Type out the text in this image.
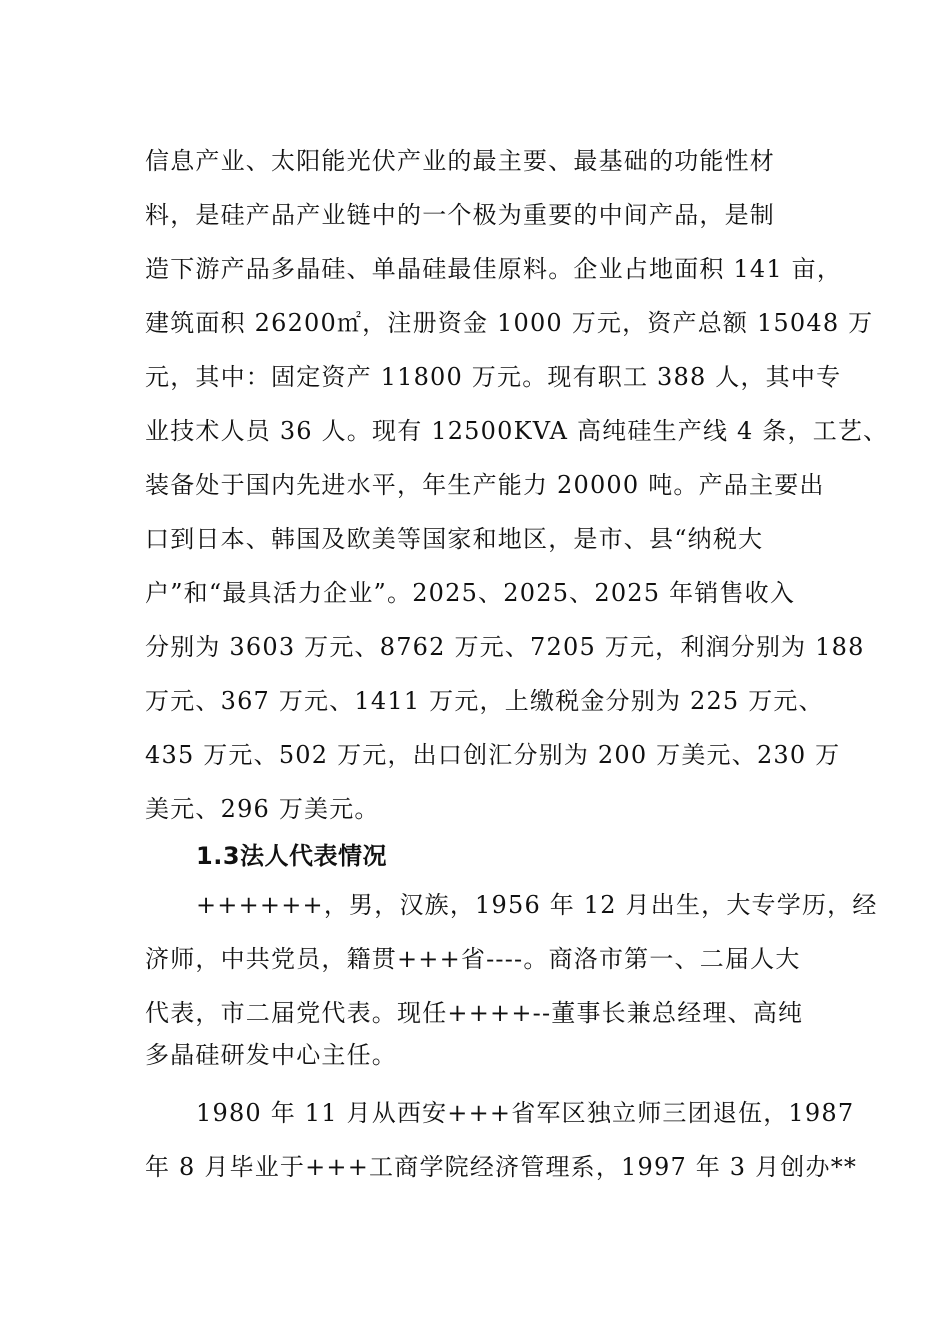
信息产业、太阳能光伏产业的最主要、最基础的功能性材
料，是硅产品产业链中的一个极为重要的中间产品，是制
造下游产品多晶硅、单晶硅最佳原料。企业占地面积 141 亩，
建筑面积 26200㎡，注册资金 1000 万元，资产总额 15048 万
元，其中：固定资产 11800 万元。现有职工 388 人，其中专
业技术人员 36 人。现有 12500KVA 高纯硅生产线 4 条，工艺、
装备处于国内先进水平，年生产能力 20000 吨。产品主要出
口到日本、韩国及欧美等国家和地区，是市、县“纳税大
户”和“最具活力企业”。2025、2025、2025 年销售收入
分别为 3603 万元、8762 万元、7205 万元，利润分别为 188
万元、367 万元、1411 万元，上缴税金分别为 225 万元、
435 万元、502 万元，出口创汇分别为 200 万美元、230 万
美元、296 万美元。
1.3法人代表情况
++++++，男，汉族，1956 年 12 月出生，大专学历，经
济师，中共党员，籍贯+++省----。商洛市第一、二届人大
代表，市二届党代表。现任++++--董事长兼总经理、高纯
多晶硅研发中心主任。
1980 年 11 月从西安+++省军区独立师三团退伍，1987
年 8 月毕业于+++工商学院经济管理系，1997 年 3 月创办**
